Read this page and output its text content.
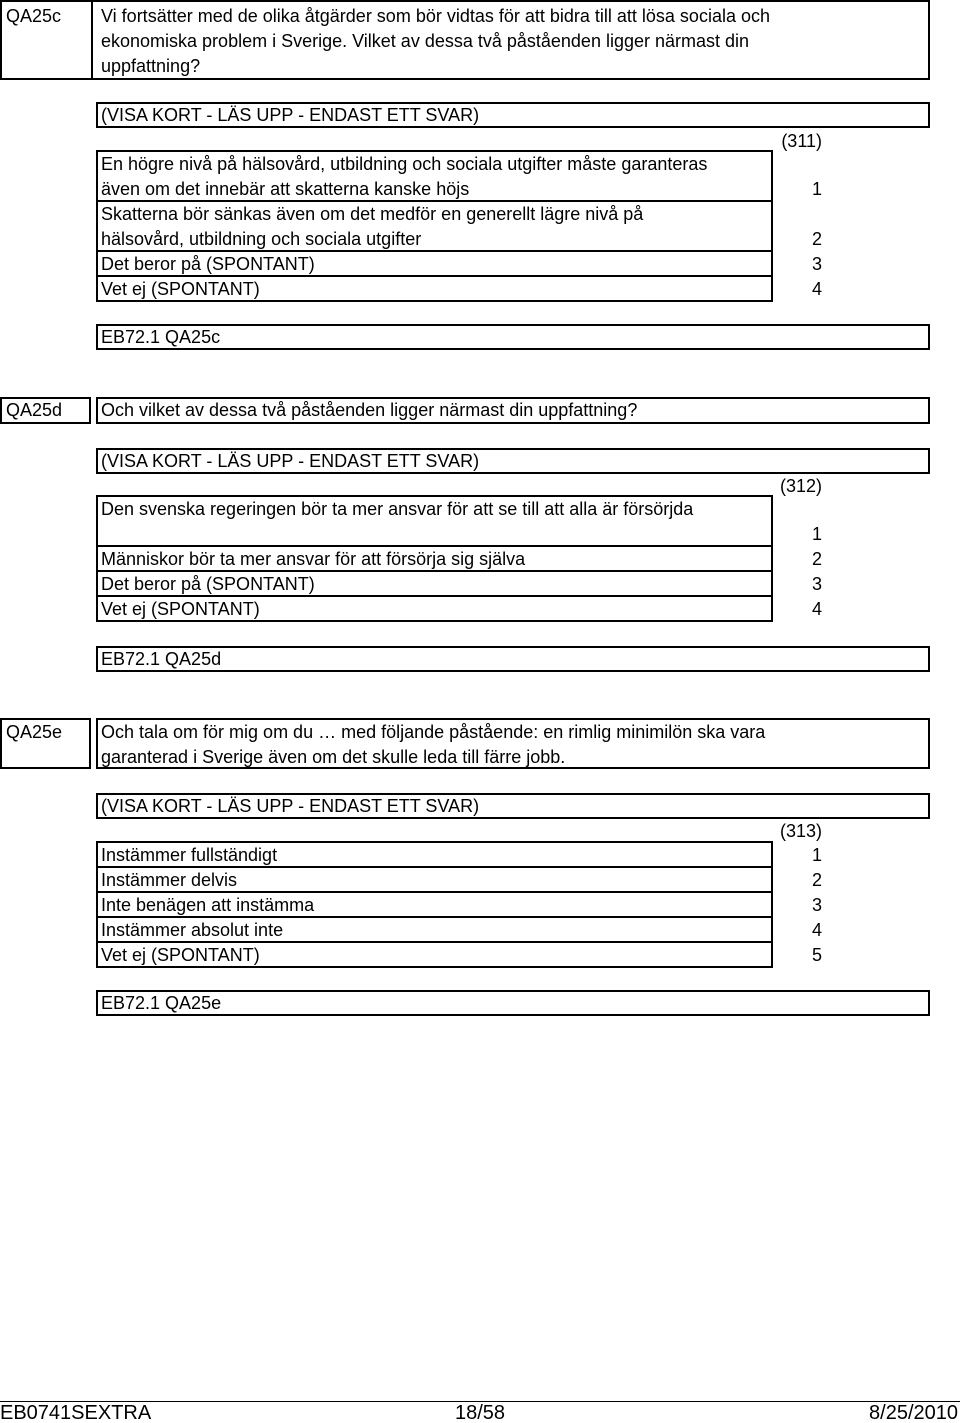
QA25c	Vi fortsätter med de olika åtgärder som bör vidtas för att bidra till att lösa sociala och
ekonomiska problem i Sverige. Vilket av dessa två påståenden ligger närmast din
uppfattning?
(VISA KORT - LÄS UPP - ENDAST ETT SVAR)
(311)
En högre nivå på hälsovård, utbildning och sociala utgifter måste garanteras
även om det innebär att skatterna kanske höjs	1
Skatterna bör sänkas även om det medför en generellt lägre nivå på
hälsovård, utbildning och sociala utgifter	2
Det beror på (SPONTANT)	3
Vet ej (SPONTANT)	4
EB72.1 QA25c
QA25d	Och vilket av dessa två påståenden ligger närmast din uppfattning?
(VISA KORT - LÄS UPP - ENDAST ETT SVAR)
(312)
Den svenska regeringen bör ta mer ansvar för att se till att alla är försörjda
1
Människor bör ta mer ansvar för att försörja sig själva	2
Det beror på (SPONTANT)	3
Vet ej (SPONTANT)	4
EB72.1 QA25d
QA25e	Och tala om för mig om du … med följande påstående: en rimlig minimilön ska vara
garanterad i Sverige även om det skulle leda till färre jobb.
(VISA KORT - LÄS UPP - ENDAST ETT SVAR)
(313)
Instämmer fullständigt	1
Instämmer delvis	2
Inte benägen att instämma	3
Instämmer absolut inte	4
Vet ej (SPONTANT)	5
EB72.1 QA25e
EB0741SEXTRA	18/58	8/25/2010
